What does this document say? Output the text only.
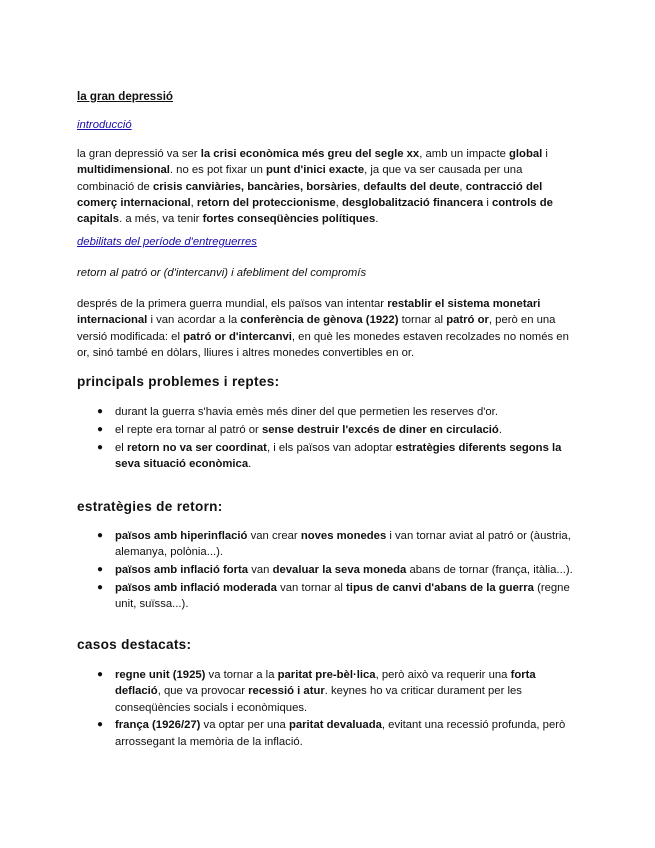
la gran depressió
introducció

la gran depressió va ser la crisi econòmica més greu del segle xx, amb un impacte global i multidimensional. no es pot fixar un punt d'inici exacte, ja que va ser causada per una combinació de crisis canviàries, bancàries, borsàries, defaults del deute, contracció del comerç internacional, retorn del proteccionisme, desglobalització financera i controls de capitals. a més, va tenir fortes conseqüències polítiques.

debilitats del període d'entreguerres
retorn al patró or (d'intercanvi) i afebliment del compromís

després de la primera guerra mundial, els països van intentar restablir el sistema monetari internacional i van acordar a la conferència de gènova (1922) tornar al patró or, però en una versió modificada: el patró or d'intercanvi, en què les monedes estaven recolzades no només en or, sinó també en dòlars, lliures i altres monedes convertibles en or.

principals problemes i reptes:
● durant la guerra s'havia emès més diner del que permetien les reserves d'or.
● el repte era tornar al patró or sense destruir l'excés de diner en circulació.
● el retorn no va ser coordinat, i els països van adoptar estratègies diferents segons la seva situació econòmica.
estratègies de retorn:
● països amb hiperinflació van crear noves monedes i van tornar aviat al patró or (àustria, alemanya, polònia...).
● països amb inflació forta van devaluar la seva moneda abans de tornar (frança, itàlia...).
● països amb inflació moderada van tornar al tipus de canvi d'abans de la guerra (regne unit, suïssa...).
casos destacats:
● regne unit (1925) va tornar a la paritat pre-bèl·lica, però això va requerir una forta deflació, que va provocar recessió i atur. keynes ho va criticar durament per les conseqüències socials i econòmiques.
● frança (1926/27) va optar per una paritat devaluada, evitant una recessió profunda, però arrossegant la memòria de la inflació.
